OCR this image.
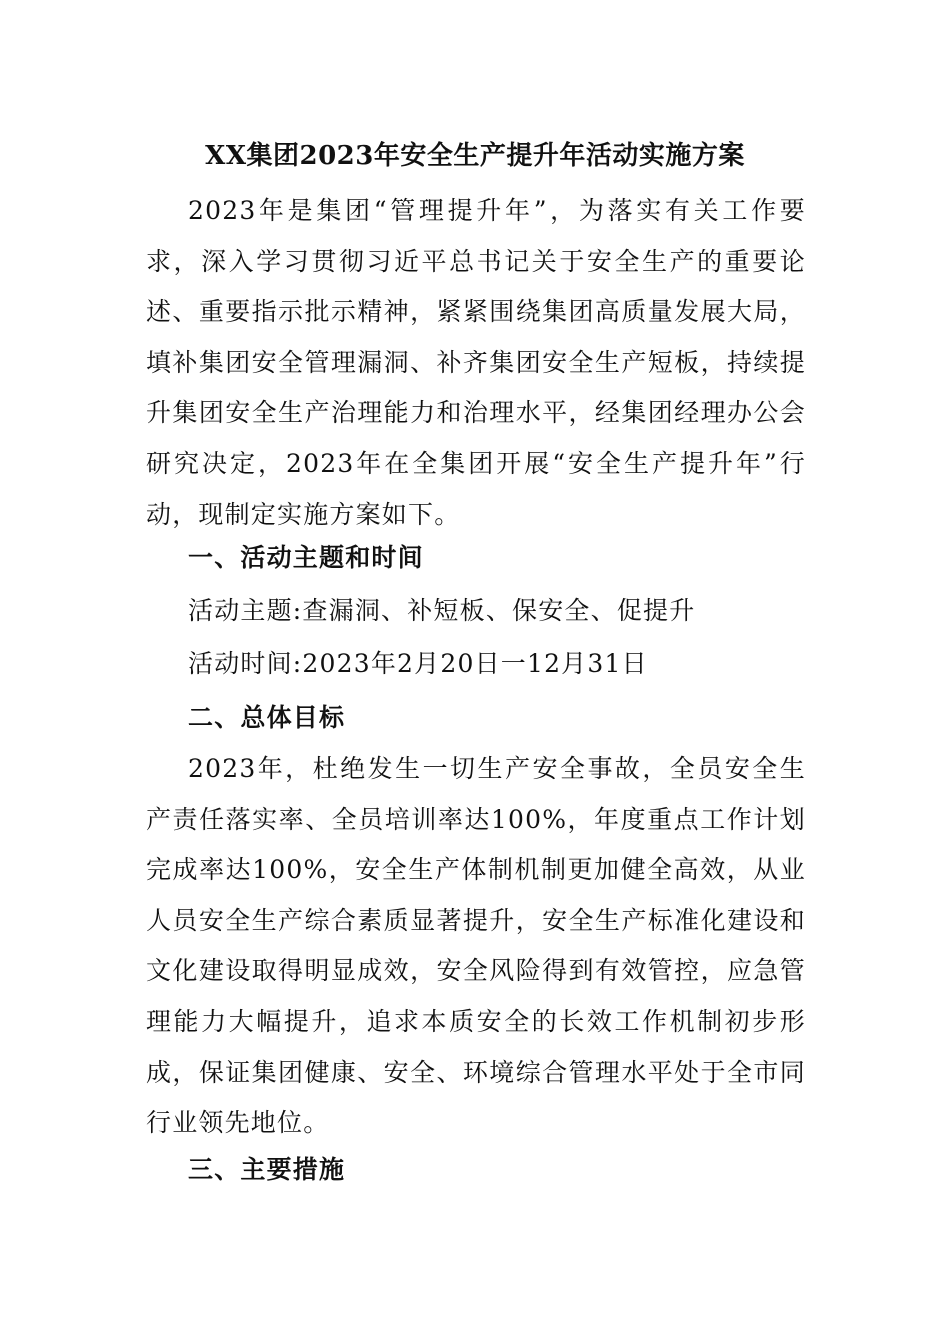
XX集团2023年安全生产提升年活动实施方案

2023年是集团“管理提升年”，为落实有关工作要求，深入学习贯彻习近平总书记关于安全生产的重要论述、重要指示批示精神，紧紧围绕集团高质量发展大局，填补集团安全管理漏洞、补齐集团安全生产短板，持续提升集团安全生产治理能力和治理水平，经集团经理办公会研究决定，2023年在全集团开展“安全生产提升年”行动，现制定实施方案如下。

一、活动主题和时间

活动主题:查漏洞、补短板、保安全、促提升

活动时间:2023年2月20日一12月31日

二、总体目标

2023年，杜绝发生一切生产安全事故，全员安全生产责任落实率、全员培训率达100%，年度重点工作计划完成率达100%，安全生产体制机制更加健全高效，从业人员安全生产综合素质显著提升，安全生产标准化建设和文化建设取得明显成效，安全风险得到有效管控，应急管理能力大幅提升，追求本质安全的长效工作机制初步形成，保证集团健康、安全、环境综合管理水平处于全市同行业领先地位。

三、主要措施
